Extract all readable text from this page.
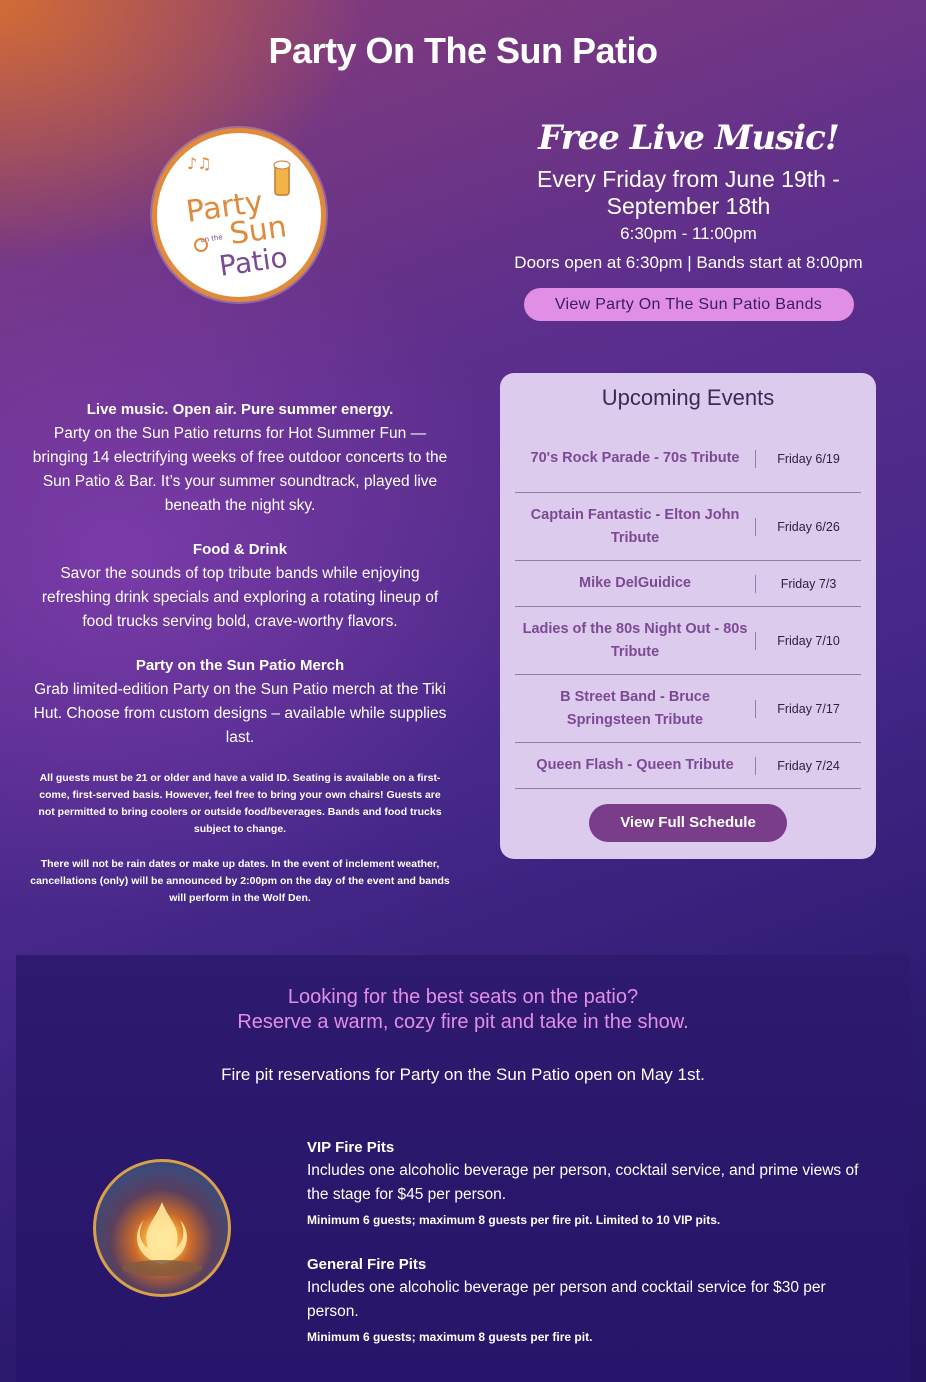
Party On The Sun Patio
♪♫
Party
on the Sun
Patio
Free Live Music!
Every Friday from June 19th -
September 18th
6:30pm - 11:00pm
Doors open at 6:30pm | Bands start at 8:00pm
View Party On The Sun Patio Bands
Live music. Open air. Pure summer energy.
Party on the Sun Patio returns for Hot Summer Fun — bringing 14 electrifying weeks of free outdoor concerts to the Sun Patio & Bar. It’s your summer soundtrack, played live beneath the night sky.
Food & Drink
Savor the sounds of top tribute bands while enjoying refreshing drink specials and exploring a rotating lineup of food trucks serving bold, crave-worthy flavors.
Party on the Sun Patio Merch
Grab limited-edition Party on the Sun Patio merch at the Tiki Hut. Choose from custom designs – available while supplies last.
All guests must be 21 or older and have a valid ID. Seating is available on a first-come, first-served basis. However, feel free to bring your own chairs! Guests are not permitted to bring coolers or outside food/beverages. Bands and food trucks subject to change.
There will not be rain dates or make up dates. In the event of inclement weather, cancellations (only) will be announced by 2:00pm on the day of the event and bands will perform in the Wolf Den.
Upcoming Events
70's Rock Parade - 70s Tribute	Friday 6/19
Captain Fantastic - Elton John Tribute
Friday 6/26
Mike DelGuidice	Friday 7/3
Ladies of the 80s Night Out - 80s Tribute
Friday 7/10
B Street Band - Bruce Springsteen Tribute
Friday 7/17
Queen Flash - Queen Tribute	Friday 7/24
View Full Schedule
Looking for the best seats on the patio?
Reserve a warm, cozy fire pit and take in the show.
Fire pit reservations for Party on the Sun Patio open on May 1st.
VIP Fire Pits
Includes one alcoholic beverage per person, cocktail service, and prime views of the stage for $45 per person.
Minimum 6 guests; maximum 8 guests per fire pit. Limited to 10 VIP pits.
General Fire Pits
Includes one alcoholic beverage per person and cocktail service for $30 per person.
Minimum 6 guests; maximum 8 guests per fire pit.
